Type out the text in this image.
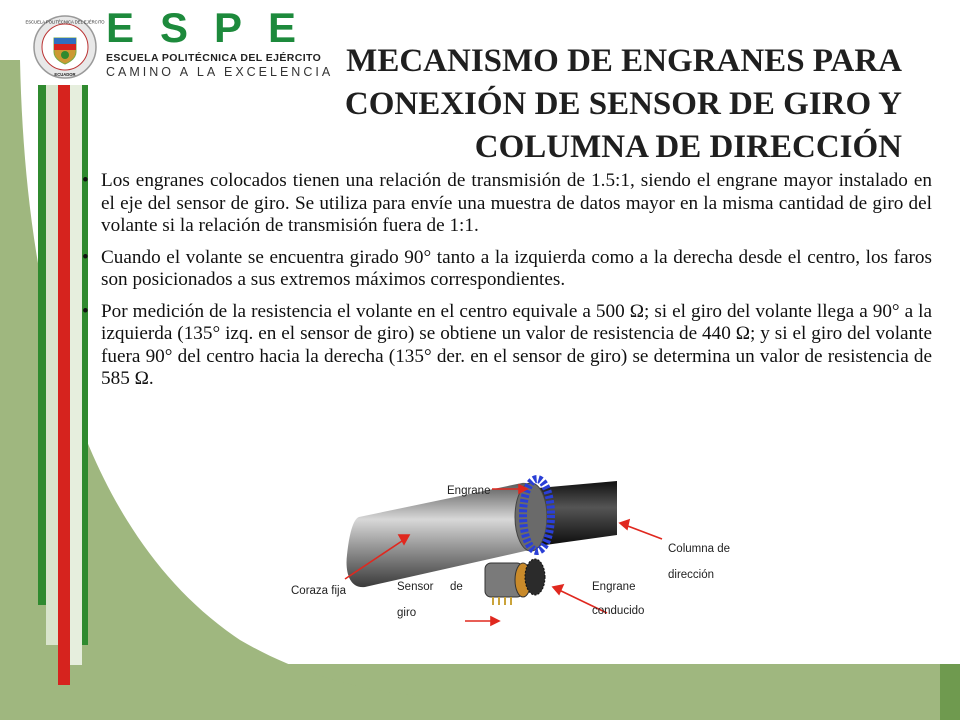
ESCUELA POLITÉCNICA DEL EJÉRCITO
ECUADOR
ESPE
ESCUELA POLITÉCNICA DEL EJÉRCITO
CAMINO A LA EXCELENCIA MECANISMO DE ENGRANES PARA
CONEXIÓN DE SENSOR DE GIRO Y
COLUMNA DE DIRECCIÓN
• Los engranes colocados tienen una relación de transmisión de 1.5:1, siendo el engrane mayor instalado en el eje del sensor de giro. Se utiliza para envíe una muestra de datos mayor en la misma cantidad de giro del volante si la relación de transmisión fuera de 1:1.
• Cuando el volante se encuentra girado 90° tanto a la izquierda como a la derecha desde el centro, los faros son posicionados a sus extremos máximos correspondientes.
• Por medición de la resistencia el volante en el centro equivale a 500 Ω; si el giro del volante llega a 90° a la izquierda (135° izq. en el sensor de giro) se obtiene un valor de resistencia de 440 Ω; y si el giro del volante fuera 90° del centro hacia la derecha (135° der. en el sensor de giro) se determina un valor de resistencia de 585 Ω.
Engrane
Columna de
dirección
Coraza fija	Sensor de
giro
Engrane
conducido
